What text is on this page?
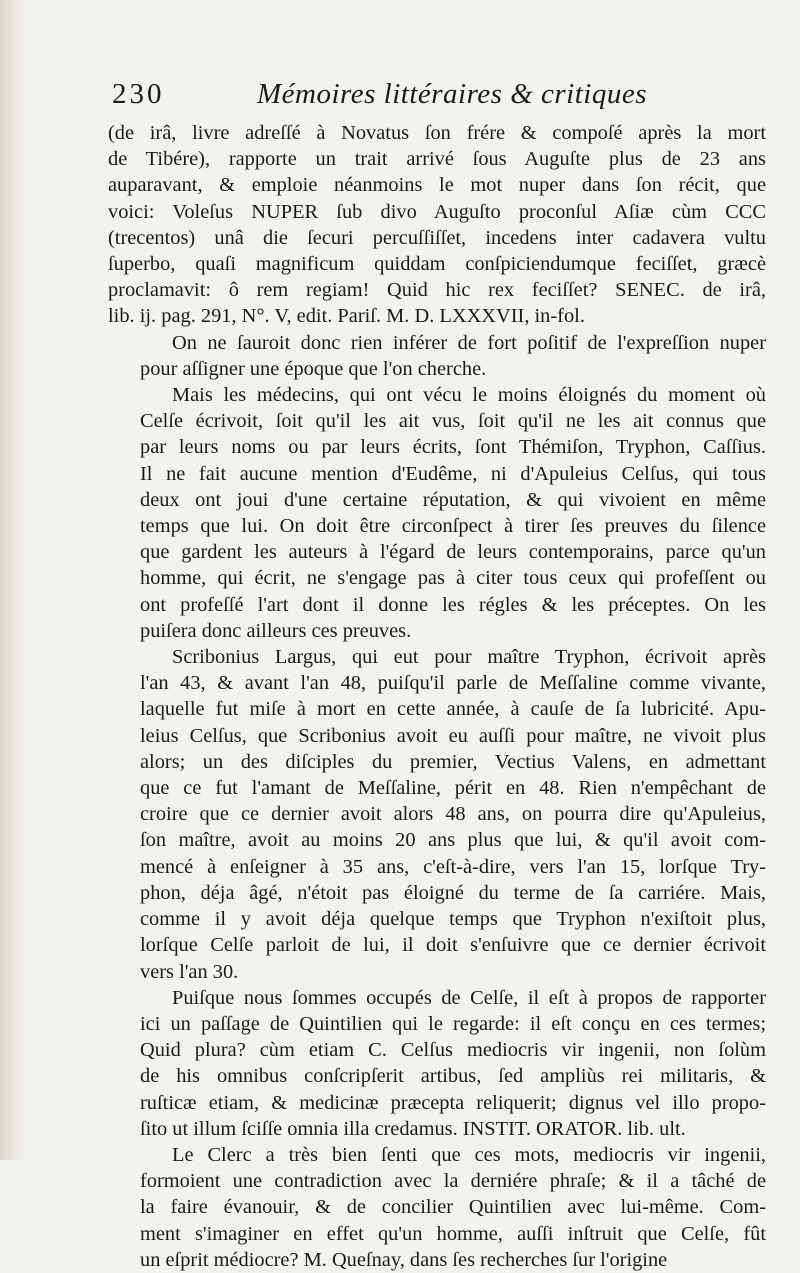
230	Mémoires littéraires & critiques

(de irâ, livre adreſſé à Novatus ſon frére & compoſé après la mort
de Tibére), rapporte un trait arrivé ſous Auguſte plus de 23 ans
auparavant, & emploie néanmoins le mot nuper dans ſon récit, que
voici: Voleſus NUPER ſub divo Auguſto proconſul Aſiæ cùm CCC
(trecentos) unâ die ſecuri percuſſiſſet, incedens inter cadavera vultu
ſuperbo, quaſi magnificum quiddam conſpiciendumque feciſſet, græcè
proclamavit: ô rem regiam! Quid hic rex feciſſet? SENEC. de irâ,
lib. ij. pag. 291, N°. V, edit. Pariſ. M. D. LXXXVII, in-fol.

On ne ſauroit donc rien inférer de fort poſitif de l'expreſſion nuper
pour aſſigner une époque que l'on cherche.

Mais les médecins, qui ont vécu le moins éloignés du moment où
Celſe écrivoit, ſoit qu'il les ait vus, ſoit qu'il ne les ait connus que
par leurs noms ou par leurs écrits, ſont Thémiſon, Tryphon, Caſſius.
Il ne fait aucune mention d'Eudême, ni d'Apuleius Celſus, qui tous
deux ont joui d'une certaine réputation, & qui vivoient en même
temps que lui. On doit être circonſpect à tirer ſes preuves du ſilence
que gardent les auteurs à l'égard de leurs contemporains, parce qu'un
homme, qui écrit, ne s'engage pas à citer tous ceux qui profeſſent ou
ont profeſſé l'art dont il donne les régles & les préceptes. On les
puiſera donc ailleurs ces preuves.

Scribonius Largus, qui eut pour maître Tryphon, écrivoit après
l'an 43, & avant l'an 48, puiſqu'il parle de Meſſaline comme vivante,
laquelle fut miſe à mort en cette année, à cauſe de ſa lubricité. Apu-
leius Celſus, que Scribonius avoit eu auſſi pour maître, ne vivoit plus
alors; un des diſciples du premier, Vectius Valens, en admettant
que ce fut l'amant de Meſſaline, périt en 48. Rien n'empêchant de
croire que ce dernier avoit alors 48 ans, on pourra dire qu'Apuleius,
ſon maître, avoit au moins 20 ans plus que lui, & qu'il avoit com-
mencé à enſeigner à 35 ans, c'eſt-à-dire, vers l'an 15, lorſque Try-
phon, déja âgé, n'étoit pas éloigné du terme de ſa carriére. Mais,
comme il y avoit déja quelque temps que Tryphon n'exiſtoit plus,
lorſque Celſe parloit de lui, il doit s'enſuivre que ce dernier écrivoit
vers l'an 30.

Puiſque nous ſommes occupés de Celſe, il eſt à propos de rapporter
ici un paſſage de Quintilien qui le regarde: il eſt conçu en ces termes;
Quid plura? cùm etiam C. Celſus mediocris vir ingenii, non ſolùm
de his omnibus conſcripſerit artibus, ſed ampliùs rei militaris, &
ruſticæ etiam, & medicinæ præcepta reliquerit; dignus vel illo propo-
ſito ut illum ſciſſe omnia illa credamus. INSTIT. ORATOR. lib. ult.

Le Clerc a très bien ſenti que ces mots, mediocris vir ingenii,
formoient une contradiction avec la derniére phraſe; & il a tâché de
la faire évanouir, & de concilier Quintilien avec lui-même. Com-
ment s'imaginer en effet qu'un homme, auſſi inſtruit que Celſe, fût
un eſprit médiocre? M. Queſnay, dans ſes recherches ſur l'origine
